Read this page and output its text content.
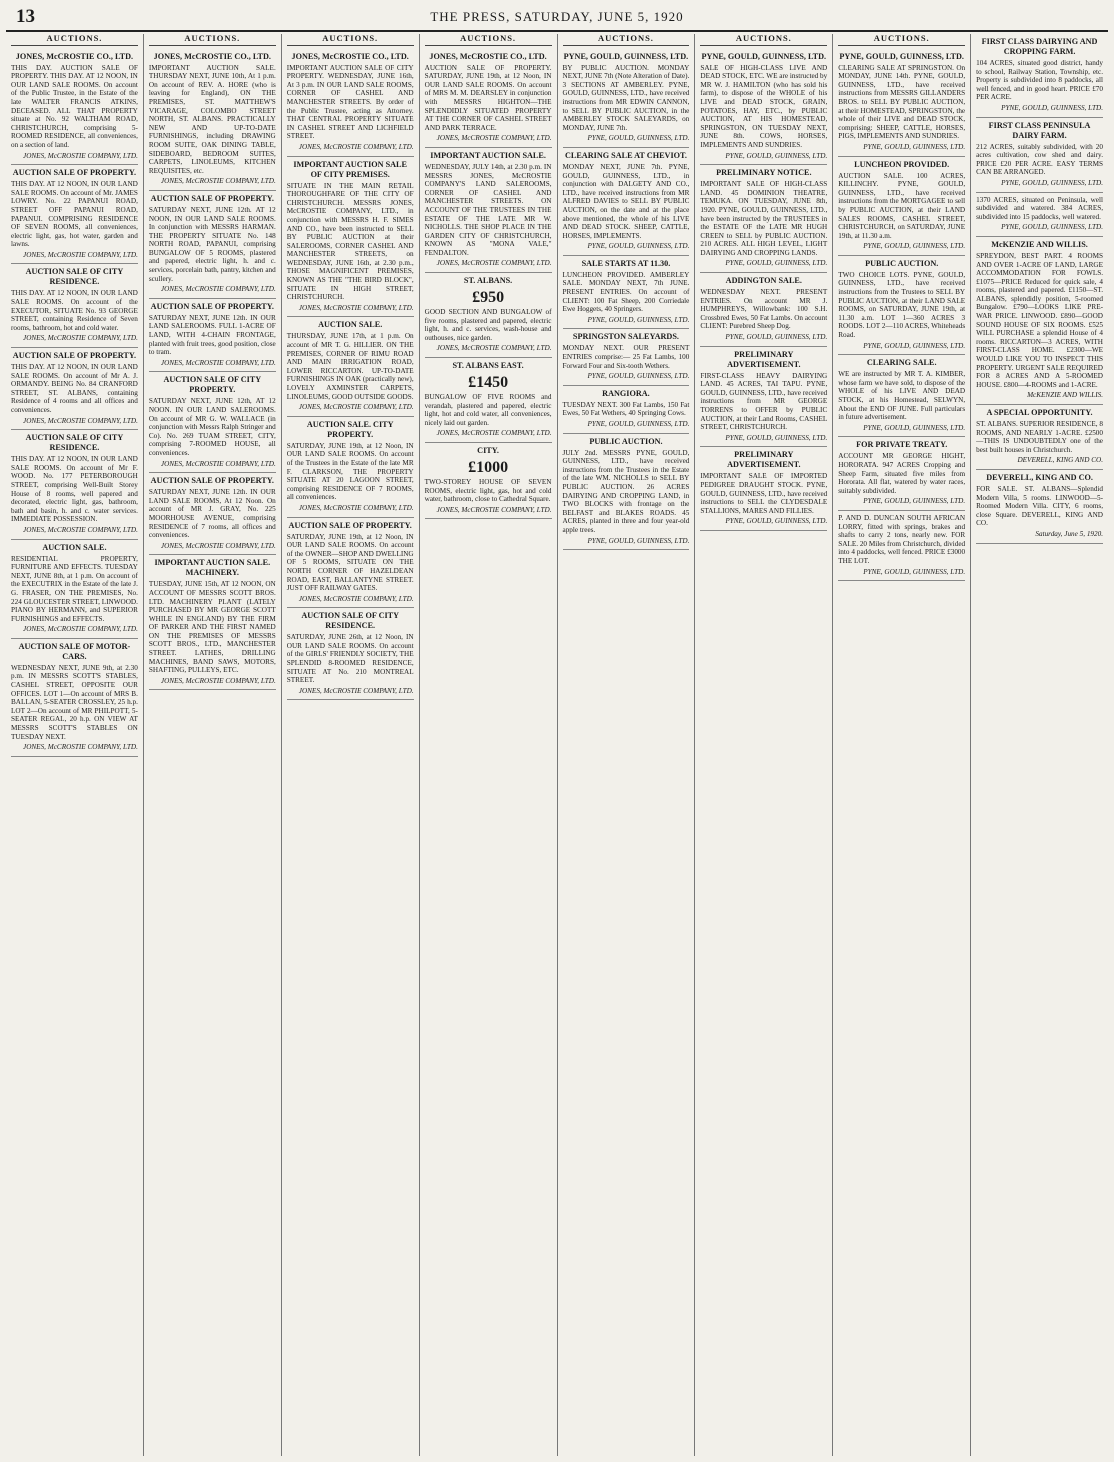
13	THE PRESS, SATURDAY, JUNE 5, 1920
AUCTIONS.
JONES, McCROSTIE CO., LTD.
THIS DAY. AUCTION SALE OF PROPERTY. THIS DAY. AT 12 NOON, IN OUR LAND SALE ROOMS. On account of the Public Trustee, in the Estate of the late WALTER FRANCIS ATKINS, DECEASED. ALL THAT PROPERTY situate at No. 92 WALTHAM ROAD, CHRISTCHURCH, comprising 5-ROOMED RESIDENCE, all conveniences, on a section of land.
JONES, McCROSTIE COMPANY, LTD.
AUCTION SALE OF PROPERTY.
THIS DAY. AT 12 NOON, IN OUR LAND SALE ROOMS. On account of Mr. JAMES LOWRY. No. 22 PAPANUI ROAD, STREET OFF PAPANUI ROAD, PAPANUI. COMPRISING RESIDENCE OF SEVEN ROOMS, all conveniences, electric light, gas, hot water, garden and lawns.
JONES, McCROSTIE COMPANY, LTD.
AUCTION SALE OF CITY RESIDENCE.
THIS DAY. AT 12 NOON, IN OUR LAND SALE ROOMS. On account of the EXECUTOR, SITUATE No. 93 GEORGE STREET, containing Residence of Seven rooms, bathroom, hot and cold water.
JONES, McCROSTIE COMPANY, LTD.
AUCTION SALE OF PROPERTY.
THIS DAY. AT 12 NOON, IN OUR LAND SALE ROOMS. On account of Mr A. J. ORMANDY. BEING No. 84 CRANFORD STREET, ST. ALBANS, containing Residence of 4 rooms and all offices and conveniences.
JONES, McCROSTIE COMPANY, LTD.
AUCTION SALE OF CITY RESIDENCE.
THIS DAY. AT 12 NOON, IN OUR LAND SALE ROOMS. On account of Mr F. WOOD. No. 177 PETERBOROUGH STREET, comprising Well-Built Storey House of 8 rooms, well papered and decorated, electric light, gas, bathroom, bath and basin, h. and c. water services. IMMEDIATE POSSESSION.
JONES, McCROSTIE COMPANY, LTD.
AUCTION SALE.
RESIDENTIAL PROPERTY, FURNITURE AND EFFECTS. TUESDAY NEXT, JUNE 8th, at 1 p.m. On account of the EXECUTRIX in the Estate of the late J. G. FRASER, ON THE PREMISES, No. 224 GLOUCESTER STREET, LINWOOD. PIANO BY HERMANN, and SUPERIOR FURNISHINGS and EFFECTS.
JONES, McCROSTIE COMPANY, LTD.
AUCTION SALE OF MOTOR-CARS.
WEDNESDAY NEXT, JUNE 9th, at 2.30 p.m. IN MESSRS SCOTT'S STABLES, CASHEL STREET, OPPOSITE OUR OFFICES. LOT 1—On account of MRS B. BALLAN, 5-SEATER CROSSLEY, 25 h.p. LOT 2—On account of MR PHILPOTT, 5-SEATER REGAL, 20 h.p. ON VIEW AT MESSRS SCOTT'S STABLES ON TUESDAY NEXT.
JONES, McCROSTIE COMPANY, LTD.
AUCTIONS.
JONES, McCROSTIE CO., LTD.
IMPORTANT AUCTION SALE. THURSDAY NEXT, JUNE 10th, At 1 p.m. On account of REV. A. HORE (who is leaving for England), ON THE PREMISES, ST. MATTHEW'S VICARAGE, COLOMBO STREET NORTH, ST. ALBANS. PRACTICALLY NEW AND UP-TO-DATE FURNISHINGS, including DRAWING ROOM SUITE, OAK DINING TABLE, SIDEBOARD, BEDROOM SUITES, CARPETS, LINOLEUMS, KITCHEN REQUISITES, etc.
JONES, McCROSTIE COMPANY, LTD.
AUCTION SALE OF PROPERTY.
SATURDAY NEXT, JUNE 12th. AT 12 NOON, IN OUR LAND SALE ROOMS. In conjunction with MESSRS HARMAN. THE PROPERTY SITUATE No. 148 NORTH ROAD, PAPANUI, comprising BUNGALOW OF 5 ROOMS, plastered and papered, electric light, h. and c. services, porcelain bath, pantry, kitchen and scullery.
JONES, McCROSTIE COMPANY, LTD.
AUCTION SALE OF PROPERTY.
SATURDAY NEXT, JUNE 12th. IN OUR LAND SALEROOMS. FULL 1-ACRE OF LAND, WITH 4-CHAIN FRONTAGE, planted with fruit trees, good position, close to tram.
JONES, McCROSTIE COMPANY, LTD.
AUCTION SALE OF CITY PROPERTY.
SATURDAY NEXT, JUNE 12th, AT 12 NOON. IN OUR LAND SALEROOMS. On account of MR G. W. WALLACE (in conjunction with Messrs Ralph Stringer and Co). No. 269 TUAM STREET, CITY, comprising 7-ROOMED HOUSE, all conveniences.
JONES, McCROSTIE COMPANY, LTD.
AUCTION SALE OF PROPERTY.
SATURDAY NEXT, JUNE 12th. IN OUR LAND SALE ROOMS, At 12 Noon. On account of MR J. GRAY, No. 225 MOORHOUSE AVENUE, comprising RESIDENCE of 7 rooms, all offices and conveniences.
JONES, McCROSTIE COMPANY, LTD.
IMPORTANT AUCTION SALE. MACHINERY.
TUESDAY, JUNE 15th, AT 12 NOON, ON ACCOUNT OF MESSRS SCOTT BROS. LTD. MACHINERY PLANT (LATELY PURCHASED BY MR GEORGE SCOTT WHILE IN ENGLAND) BY THE FIRM OF PARKER AND THE FIRST NAMED ON THE PREMISES OF MESSRS SCOTT BROS., LTD., MANCHESTER STREET. LATHES, DRILLING MACHINES, BAND SAWS, MOTORS, SHAFTING, PULLEYS, ETC.
JONES, McCROSTIE COMPANY, LTD.
AUCTIONS.
JONES, McCROSTIE CO., LTD.
IMPORTANT AUCTION SALE OF CITY PROPERTY. WEDNESDAY, JUNE 16th, At 3 p.m. IN OUR LAND SALE ROOMS, CORNER OF CASHEL AND MANCHESTER STREETS. By order of the Public Trustee, acting as Attorney. THAT CENTRAL PROPERTY SITUATE IN CASHEL STREET AND LICHFIELD STREET.
JONES, McCROSTIE COMPANY, LTD.
IMPORTANT AUCTION SALE OF CITY PREMISES.
SITUATE IN THE MAIN RETAIL THOROUGHFARE OF THE CITY OF CHRISTCHURCH. MESSRS JONES, McCROSTIE COMPANY, LTD., in conjunction with MESSRS H. F. SIMES AND CO., have been instructed to SELL BY PUBLIC AUCTION at their SALEROOMS, CORNER CASHEL AND MANCHESTER STREETS, on WEDNESDAY, JUNE 16th, at 2.30 p.m., THOSE MAGNIFICENT PREMISES, KNOWN AS THE "THE BIRD BLOCK", SITUATE IN HIGH STREET, CHRISTCHURCH.
JONES, McCROSTIE COMPANY, LTD.
AUCTION SALE.
THURSDAY, JUNE 17th, at 1 p.m. On account of MR T. G. HILLIER. ON THE PREMISES, CORNER OF RIMU ROAD AND MAIN IRRIGATION ROAD, LOWER RICCARTON. UP-TO-DATE FURNISHINGS IN OAK (practically new), LOVELY AXMINSTER CARPETS, LINOLEUMS, GOOD OUTSIDE GOODS.
JONES, McCROSTIE COMPANY, LTD.
AUCTION SALE. CITY PROPERTY.
SATURDAY, JUNE 19th, at 12 Noon, IN OUR LAND SALE ROOMS. On account of the Trustees in the Estate of the late MR F. CLARKSON, THE PROPERTY SITUATE AT 20 LAGOON STREET, comprising RESIDENCE OF 7 ROOMS, all conveniences.
JONES, McCROSTIE COMPANY, LTD.
AUCTION SALE OF PROPERTY.
SATURDAY, JUNE 19th, at 12 Noon, IN OUR LAND SALE ROOMS. On account of the OWNER—SHOP AND DWELLING OF 5 ROOMS, SITUATE ON THE NORTH CORNER OF HAZELDEAN ROAD, EAST, BALLANTYNE STREET. JUST OFF RAILWAY GATES.
JONES, McCROSTIE COMPANY, LTD.
AUCTION SALE OF CITY RESIDENCE.
SATURDAY, JUNE 26th, at 12 Noon, IN OUR LAND SALE ROOMS. On account of the GIRLS' FRIENDLY SOCIETY, THE SPLENDID 8-ROOMED RESIDENCE, SITUATE AT No. 210 MONTREAL STREET.
JONES, McCROSTIE COMPANY, LTD.
AUCTIONS.
JONES, McCROSTIE CO., LTD.
AUCTION SALE OF PROPERTY. SATURDAY, JUNE 19th, at 12 Noon, IN OUR LAND SALE ROOMS. On account of MRS M. M. DEARSLEY in conjunction with MESSRS HIGHTON—THE SPLENDIDLY SITUATED PROPERTY AT THE CORNER OF CASHEL STREET AND PARK TERRACE.
JONES, McCROSTIE COMPANY, LTD.
IMPORTANT AUCTION SALE.
WEDNESDAY, JULY 14th, at 2.30 p.m. IN MESSRS JONES, McCROSTIE COMPANY'S LAND SALEROOMS, CORNER OF CASHEL AND MANCHESTER STREETS. ON ACCOUNT OF THE TRUSTEES IN THE ESTATE OF THE LATE MR W. NICHOLLS. THE SHOP PLACE IN THE GARDEN CITY OF CHRISTCHURCH, KNOWN AS "MONA VALE," FENDALTON.
JONES, McCROSTIE COMPANY, LTD.
ST. ALBANS.
£950
GOOD SECTION AND BUNGALOW of five rooms, plastered and papered, electric light, h. and c. services, wash-house and outhouses, nice garden.
JONES, McCROSTIE COMPANY, LTD.
ST. ALBANS EAST.
£1450
BUNGALOW OF FIVE ROOMS and verandah, plastered and papered, electric light, hot and cold water, all conveniences, nicely laid out garden.
JONES, McCROSTIE COMPANY, LTD.
CITY.
£1000
TWO-STOREY HOUSE OF SEVEN ROOMS, electric light, gas, hot and cold water, bathroom, close to Cathedral Square.
JONES, McCROSTIE COMPANY, LTD.
AUCTIONS.
PYNE, GOULD, GUINNESS, LTD.
BY PUBLIC AUCTION. MONDAY NEXT, JUNE 7th (Note Alteration of Date). 3 SECTIONS AT AMBERLEY. PYNE, GOULD, GUINNESS, LTD., have received instructions from MR EDWIN CANNON, to SELL BY PUBLIC AUCTION, in the AMBERLEY STOCK SALEYARDS, on MONDAY, JUNE 7th.
PYNE, GOULD, GUINNESS, LTD.
CLEARING SALE AT CHEVIOT.
MONDAY NEXT, JUNE 7th. PYNE, GOULD, GUINNESS, LTD., in conjunction with DALGETY AND CO., LTD., have received instructions from MR ALFRED DAVIES to SELL BY PUBLIC AUCTION, on the date and at the place above mentioned, the whole of his LIVE AND DEAD STOCK. SHEEP, CATTLE, HORSES, IMPLEMENTS.
PYNE, GOULD, GUINNESS, LTD.
SALE STARTS AT 11.30.
LUNCHEON PROVIDED. AMBERLEY SALE. MONDAY NEXT, 7th JUNE. PRESENT ENTRIES. On account of CLIENT: 100 Fat Sheep, 200 Corriedale Ewe Hoggets, 40 Springers.
PYNE, GOULD, GUINNESS, LTD.
SPRINGSTON SALEYARDS.
MONDAY NEXT. OUR PRESENT ENTRIES comprise:— 25 Fat Lambs, 100 Forward Four and Six-tooth Wethers.
PYNE, GOULD, GUINNESS, LTD.
RANGIORA.
TUESDAY NEXT. 300 Fat Lambs, 150 Fat Ewes, 50 Fat Wethers, 40 Springing Cows.
PYNE, GOULD, GUINNESS, LTD.
PUBLIC AUCTION.
JULY 2nd. MESSRS PYNE, GOULD, GUINNESS, LTD., have received instructions from the Trustees in the Estate of the late WM. NICHOLLS to SELL BY PUBLIC AUCTION. 26 ACRES DAIRYING AND CROPPING LAND, in TWO BLOCKS with frontage on the BELFAST and BLAKES ROADS. 45 ACRES, planted in three and four year-old apple trees.
PYNE, GOULD, GUINNESS, LTD.
AUCTIONS.
PYNE, GOULD, GUINNESS, LTD.
SALE OF HIGH-CLASS LIVE AND DEAD STOCK, ETC. WE are instructed by MR W. J. HAMILTON (who has sold his farm), to dispose of the WHOLE of his LIVE and DEAD STOCK, GRAIN, POTATOES, HAY, ETC., by PUBLIC AUCTION, AT HIS HOMESTEAD, SPRINGSTON, ON TUESDAY NEXT, JUNE 8th. COWS, HORSES, IMPLEMENTS AND SUNDRIES.
PYNE, GOULD, GUINNESS, LTD.
PRELIMINARY NOTICE.
IMPORTANT SALE OF HIGH-CLASS LAND. 45 DOMINION THEATRE, TEMUKA. ON TUESDAY, JUNE 8th, 1920. PYNE, GOULD, GUINNESS, LTD., have been instructed by the TRUSTEES in the ESTATE OF the LATE MR HUGH CREEN to SELL by PUBLIC AUCTION. 210 ACRES. ALL HIGH LEVEL, LIGHT DAIRYING AND CROPPING LANDS.
PYNE, GOULD, GUINNESS, LTD.
ADDINGTON SALE.
WEDNESDAY NEXT. PRESENT ENTRIES. On account MR J. HUMPHREYS, Willowbank: 100 S.H. Crossbred Ewes, 50 Fat Lambs. On account CLIENT: Purebred Sheep Dog.
PYNE, GOULD, GUINNESS, LTD.
PRELIMINARY ADVERTISEMENT.
FIRST-CLASS HEAVY DAIRYING LAND. 45 ACRES, TAI TAPU. PYNE, GOULD, GUINNESS, LTD., have received instructions from MR GEORGE TORRENS to OFFER by PUBLIC AUCTION, at their Land Rooms, CASHEL STREET, CHRISTCHURCH.
PYNE, GOULD, GUINNESS, LTD.
PRELIMINARY ADVERTISEMENT.
IMPORTANT SALE OF IMPORTED PEDIGREE DRAUGHT STOCK. PYNE, GOULD, GUINNESS, LTD., have received instructions to SELL the CLYDESDALE STALLIONS, MARES AND FILLIES.
PYNE, GOULD, GUINNESS, LTD.
AUCTIONS.
PYNE, GOULD, GUINNESS, LTD.
CLEARING SALE AT SPRINGSTON. On MONDAY, JUNE 14th. PYNE, GOULD, GUINNESS, LTD., have received instructions from MESSRS GILLANDERS BROS. to SELL BY PUBLIC AUCTION, at their HOMESTEAD, SPRINGSTON, the whole of their LIVE and DEAD STOCK, comprising: SHEEP, CATTLE, HORSES, PIGS, IMPLEMENTS AND SUNDRIES.
PYNE, GOULD, GUINNESS, LTD.
LUNCHEON PROVIDED.
AUCTION SALE. 100 ACRES, KILLINCHY. PYNE, GOULD, GUINNESS, LTD., have received instructions from the MORTGAGEE to sell by PUBLIC AUCTION, at their LAND SALES ROOMS, CASHEL STREET, CHRISTCHURCH, on SATURDAY, JUNE 19th, at 11.30 a.m.
PYNE, GOULD, GUINNESS, LTD.
PUBLIC AUCTION.
TWO CHOICE LOTS. PYNE, GOULD, GUINNESS, LTD., have received instructions from the Trustees to SELL BY PUBLIC AUCTION, at their LAND SALE ROOMS, on SATURDAY, JUNE 19th, at 11.30 a.m. LOT 1—360 ACRES 3 ROODS. LOT 2—110 ACRES, Whiteheads Road.
PYNE, GOULD, GUINNESS, LTD.
CLEARING SALE.
WE are instructed by MR T. A. KIMBER, whose farm we have sold, to dispose of the WHOLE of his LIVE AND DEAD STOCK, at his Homestead, SELWYN, About the END OF JUNE. Full particulars in future advertisement.
PYNE, GOULD, GUINNESS, LTD.
FOR PRIVATE TREATY.
ACCOUNT MR GEORGE HIGHT, HORORATA. 947 ACRES Cropping and Sheep Farm, situated five miles from Hororata. All flat, watered by water races, suitably subdivided.
PYNE, GOULD, GUINNESS, LTD.
P. AND D. DUNCAN SOUTH AFRICAN LORRY, fitted with springs, brakes and shafts to carry 2 tons, nearly new. FOR SALE. 20 Miles from Christchurch, divided into 4 paddocks, well fenced. PRICE £3000 THE LOT.
PYNE, GOULD, GUINNESS, LTD.
FIRST CLASS DAIRYING AND CROPPING FARM.
104 ACRES, situated good district, handy to school, Railway Station, Township, etc. Property is subdivided into 8 paddocks, all well fenced, and in good heart. PRICE £70 PER ACRE.
PYNE, GOULD, GUINNESS, LTD.
FIRST CLASS PENINSULA DAIRY FARM.
212 ACRES, suitably subdivided, with 20 acres cultivation, cow shed and dairy. PRICE £20 PER ACRE. EASY TERMS CAN BE ARRANGED.
PYNE, GOULD, GUINNESS, LTD.
1370 ACRES, situated on Peninsula, well subdivided and watered. 384 ACRES, subdivided into 15 paddocks, well watered.
PYNE, GOULD, GUINNESS, LTD.
McKENZIE AND WILLIS.
SPREYDON, BEST PART. 4 ROOMS AND OVER 1-ACRE OF LAND, LARGE ACCOMMODATION FOR FOWLS. £1075—PRICE Reduced for quick sale, 4 rooms, plastered and papered. £1150—ST. ALBANS, splendidly position, 5-roomed Bungalow. £790—LOOKS LIKE PRE-WAR PRICE. LINWOOD. £890—GOOD SOUND HOUSE OF SIX ROOMS. £525 WILL PURCHASE a splendid House of 4 rooms. RICCARTON—3 ACRES, WITH FIRST-CLASS HOME. £2300—WE WOULD LIKE YOU TO INSPECT THIS PROPERTY. URGENT SALE REQUIRED FOR 8 ACRES AND A 5-ROOMED HOUSE. £800—4-ROOMS and 1-ACRE.
McKENZIE AND WILLIS.
A SPECIAL OPPORTUNITY.
ST. ALBANS. SUPERIOR RESIDENCE, 8 ROOMS, AND NEARLY 1-ACRE. £2500—THIS IS UNDOUBTEDLY one of the best built houses in Christchurch.
DEVERELL, KING AND CO.
DEVERELL, KING AND CO.
FOR SALE. ST. ALBANS—Splendid Modern Villa, 5 rooms. LINWOOD—5-Roomed Modern Villa. CITY, 6 rooms, close Square. DEVERELL, KING AND CO.
Saturday, June 5, 1920.
